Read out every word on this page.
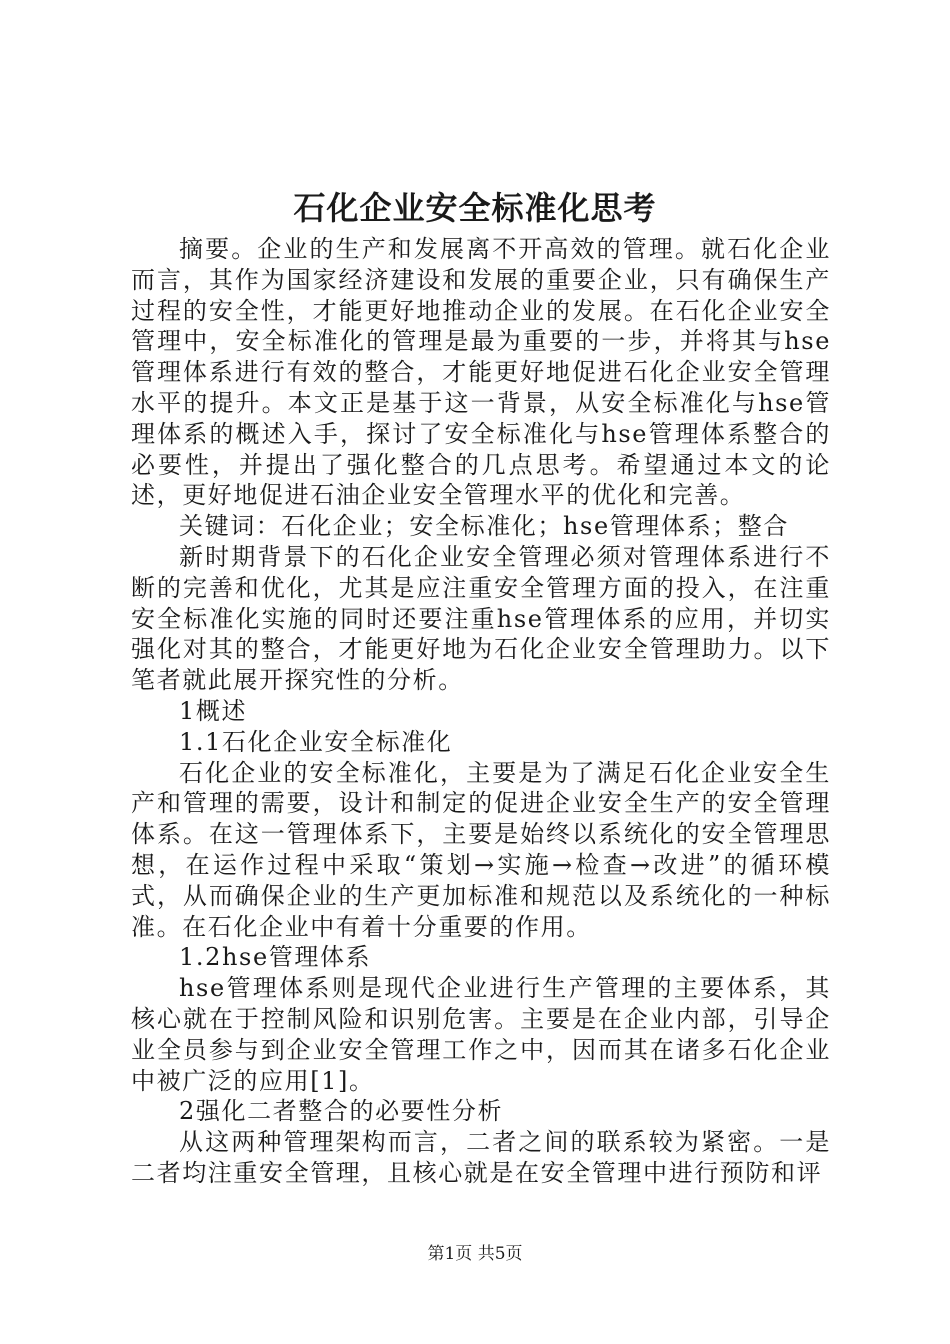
石化企业安全标准化思考

摘要。企业的生产和发展离不开高效的管理。就石化企业而言，其作为国家经济建设和发展的重要企业，只有确保生产过程的安全性，才能更好地推动企业的发展。在石化企业安全管理中，安全标准化的管理是最为重要的一步，并将其与hse管理体系进行有效的整合，才能更好地促进石化企业安全管理水平的提升。本文正是基于这一背景，从安全标准化与hse管理体系的概述入手，探讨了安全标准化与hse管理体系整合的必要性，并提出了强化整合的几点思考。希望通过本文的论述，更好地促进石油企业安全管理水平的优化和完善。

关键词：石化企业；安全标准化；hse管理体系；整合

新时期背景下的石化企业安全管理必须对管理体系进行不断的完善和优化，尤其是应注重安全管理方面的投入，在注重安全标准化实施的同时还要注重hse管理体系的应用，并切实强化对其的整合，才能更好地为石化企业安全管理助力。以下笔者就此展开探究性的分析。

1概述

1.1石化企业安全标准化

石化企业的安全标准化，主要是为了满足石化企业安全生产和管理的需要，设计和制定的促进企业安全生产的安全管理体系。在这一管理体系下，主要是始终以系统化的安全管理思想，在运作过程中采取“策划→实施→检查→改进”的循环模式，从而确保企业的生产更加标准和规范以及系统化的一种标准。在石化企业中有着十分重要的作用。

1.2hse管理体系

hse管理体系则是现代企业进行生产管理的主要体系，其核心就在于控制风险和识别危害。主要是在企业内部，引导企业全员参与到企业安全管理工作之中，因而其在诸多石化企业中被广泛的应用[1]。

2强化二者整合的必要性分析

从这两种管理架构而言，二者之间的联系较为紧密。一是二者均注重安全管理，且核心就是在安全管理中进行预防和评

第1页 共5页
